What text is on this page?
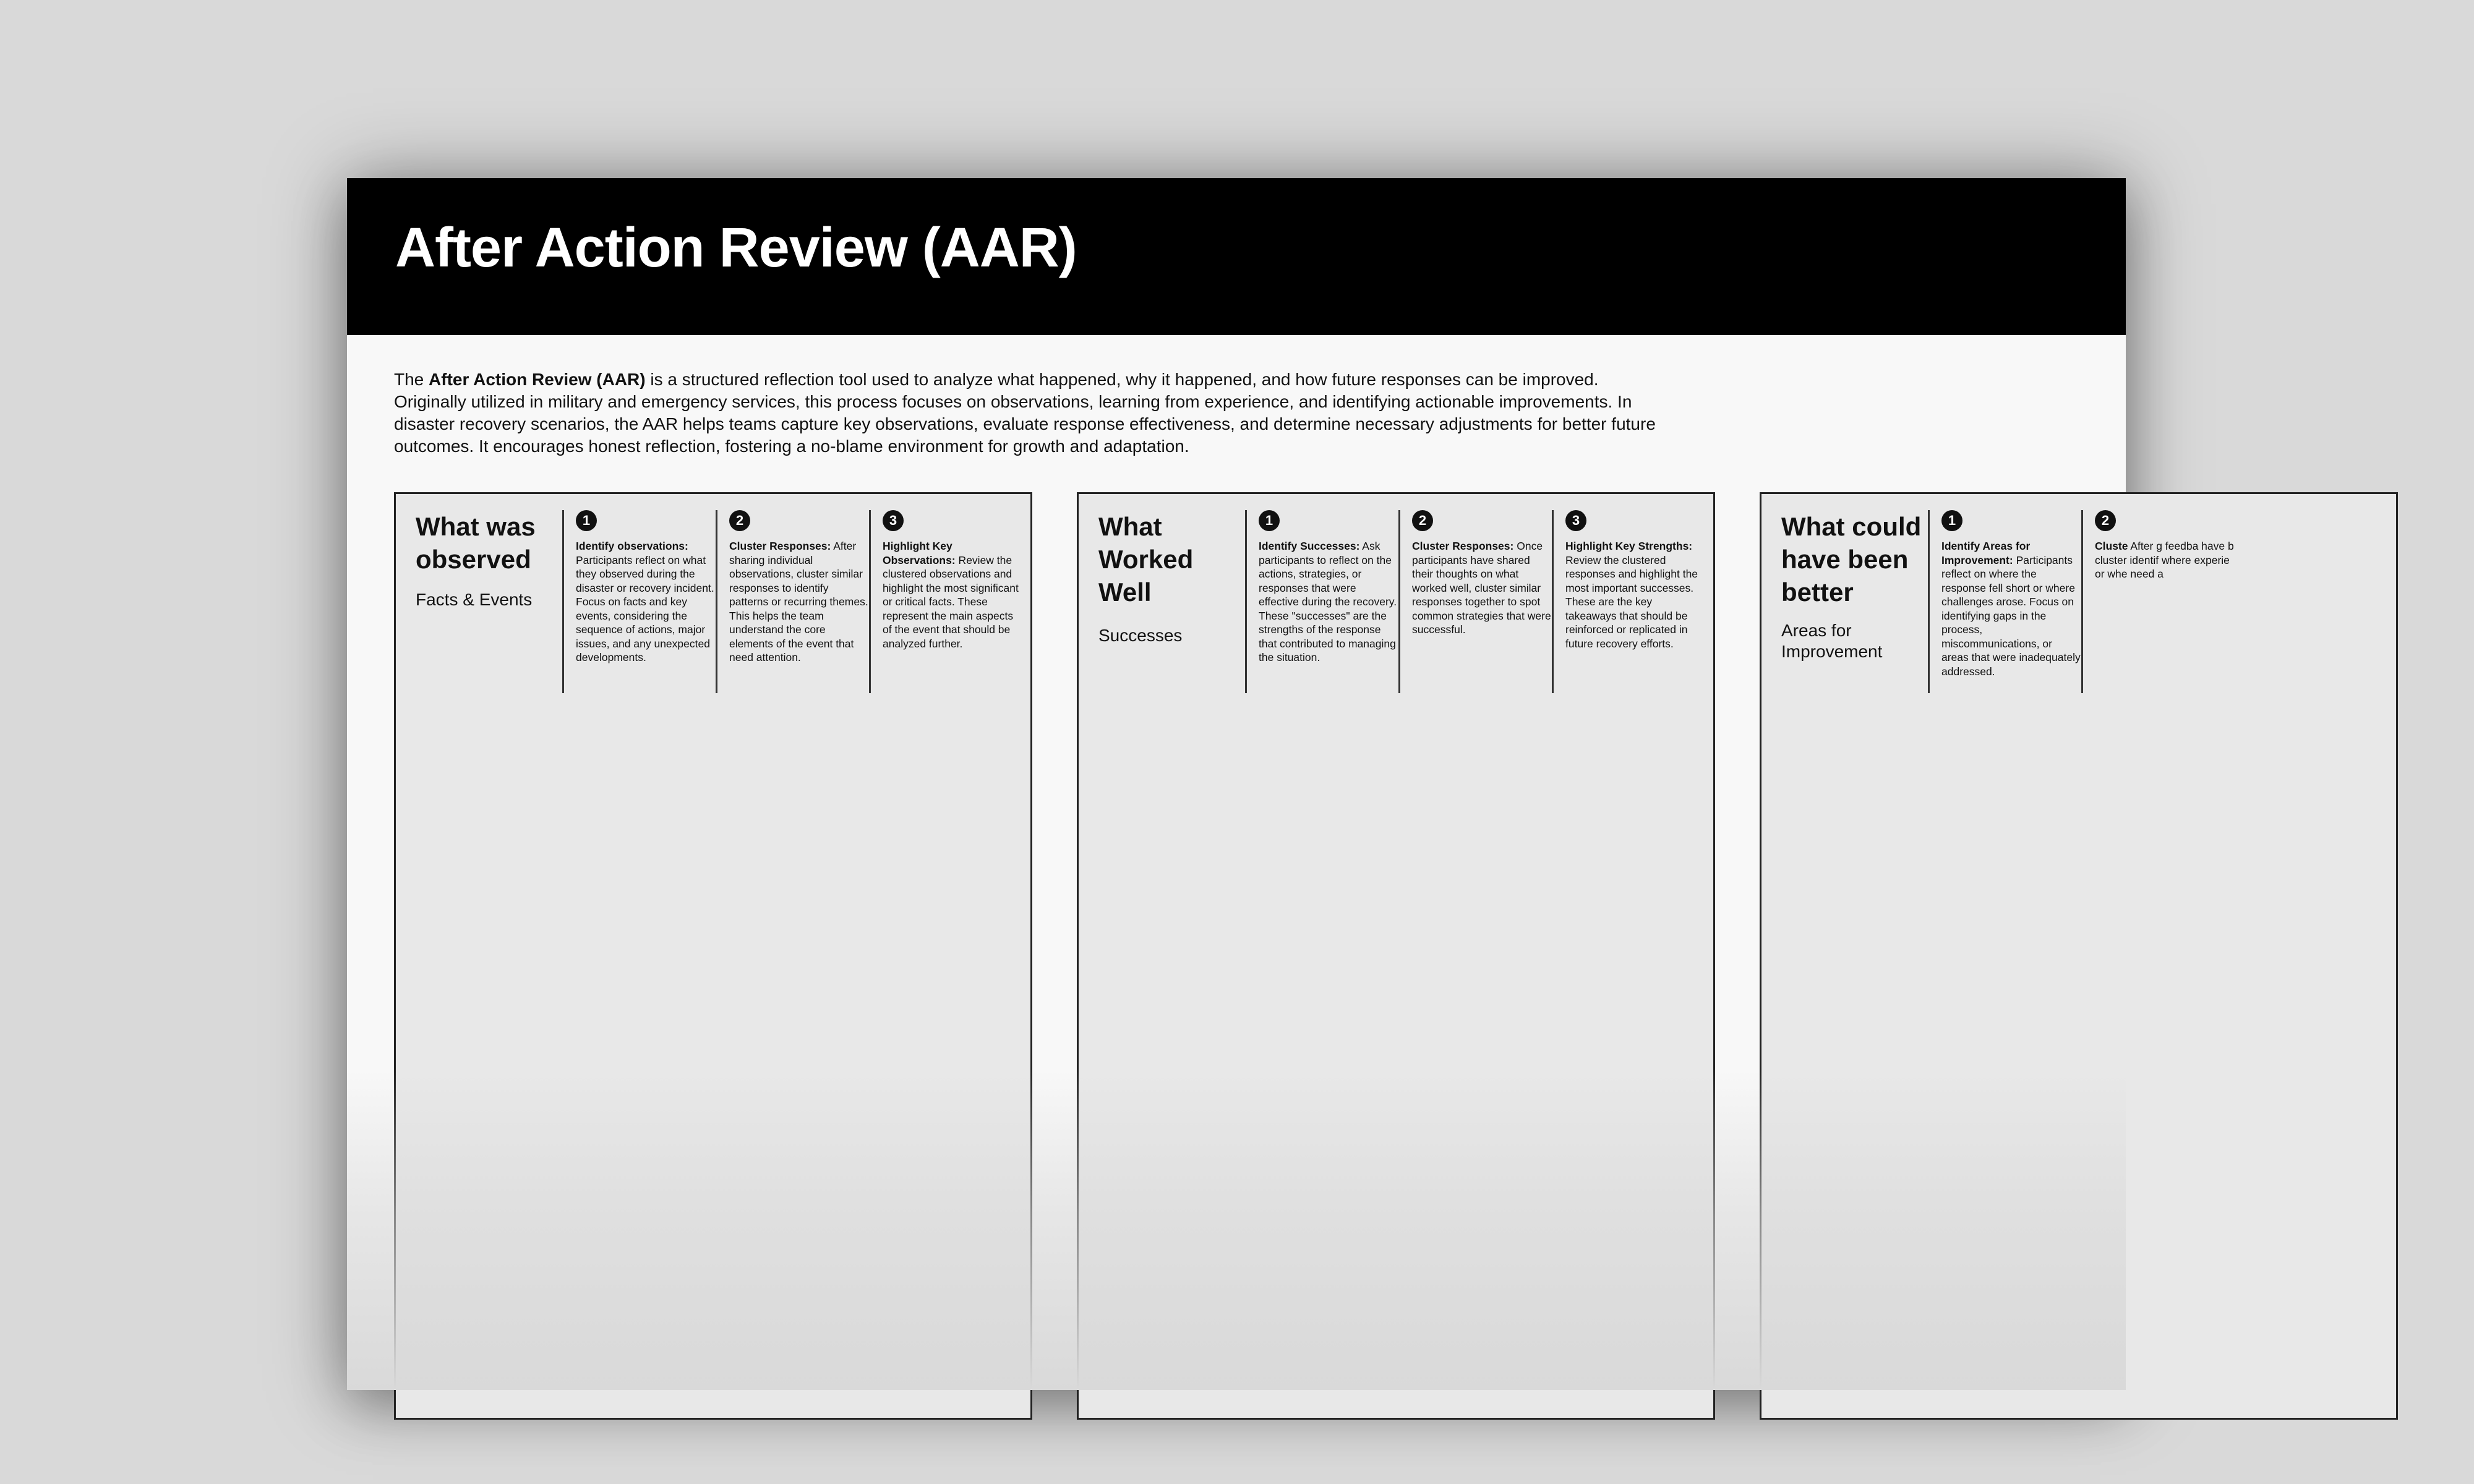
After Action Review (AAR)

The After Action Review (AAR) is a structured reflection tool used to analyze what happened, why it happened, and how future responses can be improved. Originally utilized in military and emergency services, this process focuses on observations, learning from experience, and identifying actionable improvements. In disaster recovery scenarios, the AAR helps teams capture key observations, evaluate response effectiveness, and determine necessary adjustments for better future outcomes. It encourages honest reflection, fostering a no-blame environment for growth and adaptation.

What was observed

Facts & Events

1
Identify observations: Participants reflect on what they observed during the disaster or recovery incident. Focus on facts and key events, considering the sequence of actions, major issues, and any unexpected developments.
2
Cluster Responses: After sharing individual observations, cluster similar responses to identify patterns or recurring themes. This helps the team understand the core elements of the event that need attention.
3
Highlight Key Observations: Review the clustered observations and highlight the most significant or critical facts. These represent the main aspects of the event that should be analyzed further.
What Worked Well

Successes

1
Identify Successes: Ask participants to reflect on the actions, strategies, or responses that were effective during the recovery. These "successes" are the strengths of the response that contributed to managing the situation.
2
Cluster Responses: Once participants have shared their thoughts on what worked well, cluster similar responses together to spot common strategies that were successful.
3
Highlight Key Strengths: Review the clustered responses and highlight the most important successes. These are the key takeaways that should be reinforced or replicated in future recovery efforts.
What could have been better

Areas for Improvement

1
Identify Areas for Improvement: Participants reflect on where the response fell short or where challenges arose. Focus on identifying gaps in the process, miscommunications, or areas that were inadequately addressed.
2
Cluste After g feedba have b cluster identif where experie or whe need a
